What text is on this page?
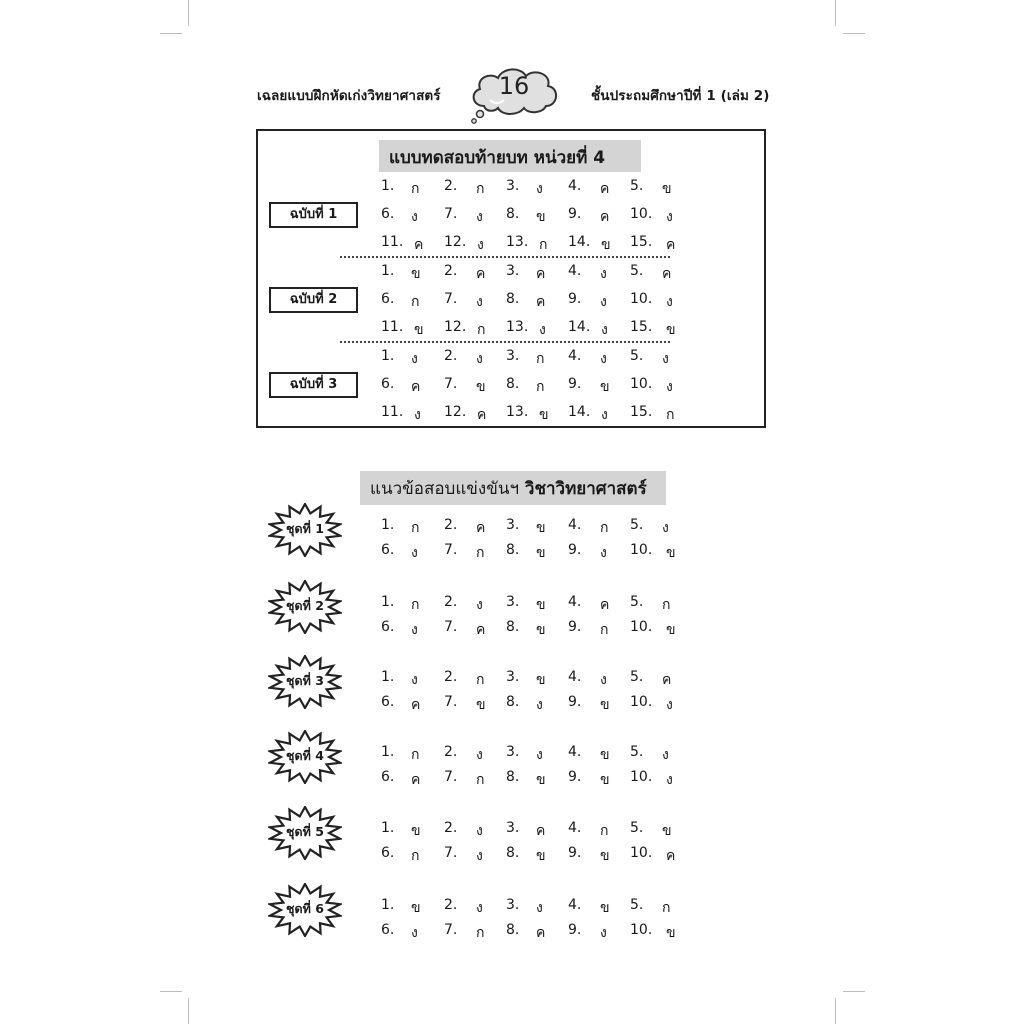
เฉลยแบบฝึกหัดเก่งวิทยาศาสตร์	16	ชั้นประถมศึกษาปีที่ 1 (เล่ม 2)
แบบทดสอบท้ายบท หน่วยที่ 4
1. ก 2. ก 3. ง 4. ค 5. ข
6. ง 7. ง 8. ข 9. ค 10. ง
11. ค 12. ง 13. ก 14. ข 15. ค
ฉบับที่ 1
1. ข 2. ค 3. ค 4. ง 5. ค
6. ก 7. ง 8. ค 9. ง 10. ง
11. ข 12. ก 13. ง 14. ง 15. ข
ฉบับที่ 2
1. ง 2. ง 3. ก 4. ง 5. ง
6. ค 7. ข 8. ก 9. ข 10. ง
11. ง 12. ค 13. ข 14. ง 15. ก
ฉบับที่ 3
แนวข้อสอบแข่งขันฯ วิชาวิทยาศาสตร์
1. ก 2. ค 3. ข 4. ก 5. ง
6. ง 7. ก 8. ข 9. ง 10. ข
ชุดที่ 1
1. ก 2. ง 3. ข 4. ค 5. ก
6. ง 7. ค 8. ข 9. ก 10. ข
ชุดที่ 2
1. ง 2. ก 3. ข 4. ง 5. ค
6. ค 7. ข 8. ง 9. ข 10. ง
ชุดที่ 3
1. ก 2. ง 3. ง 4. ข 5. ง
6. ค 7. ก 8. ข 9. ข 10. ง
ชุดที่ 4
1. ข 2. ง 3. ค 4. ก 5. ข
6. ก 7. ง 8. ข 9. ข 10. ค
ชุดที่ 5
1. ข 2. ง 3. ง 4. ข 5. ก
6. ง 7. ก 8. ค 9. ง 10. ข
ชุดที่ 6
